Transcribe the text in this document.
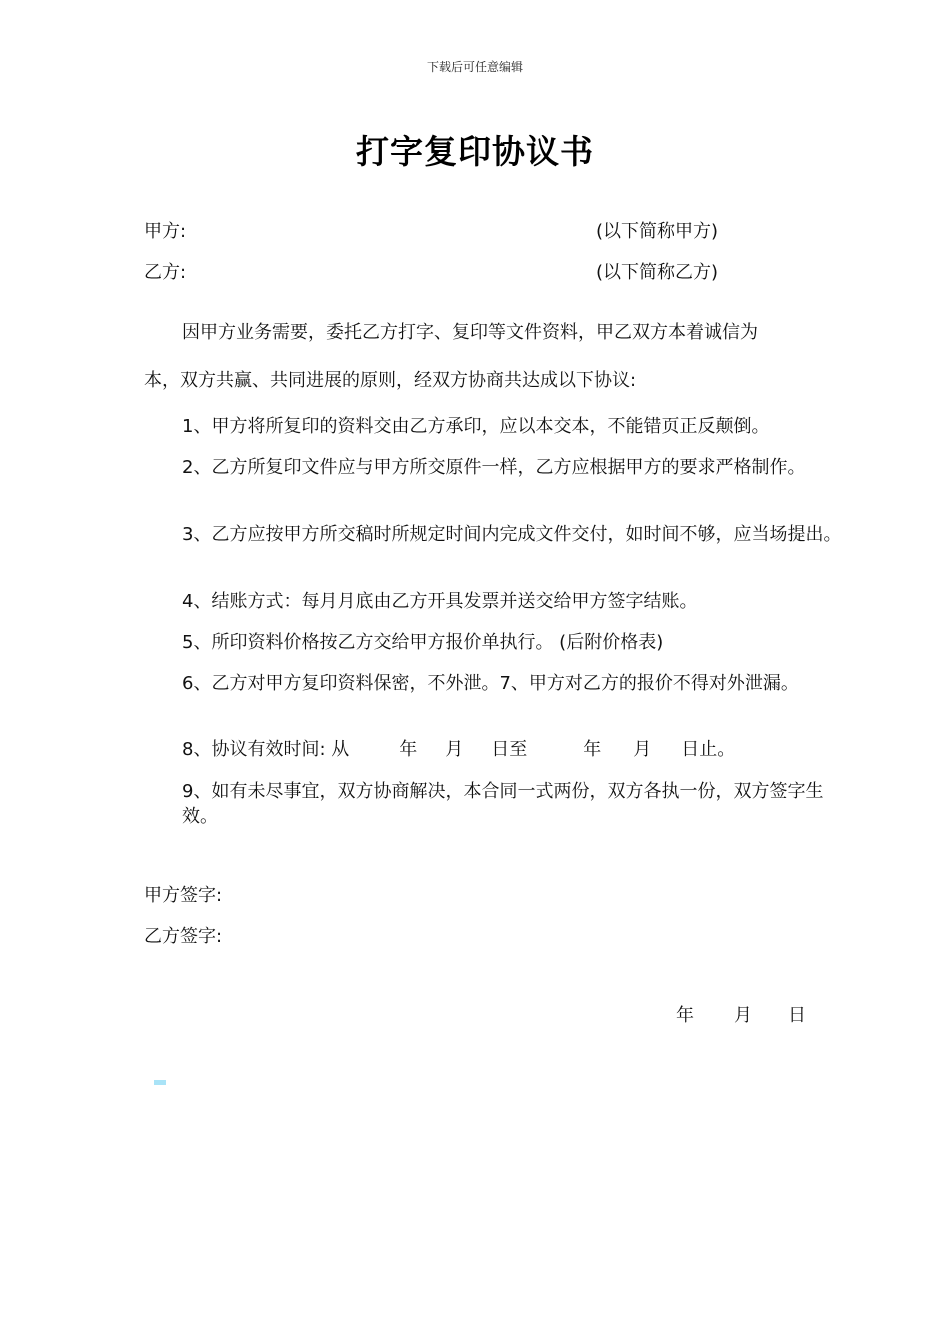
下载后可任意编辑
打字复印协议书
甲方:	(以下简称甲方)
乙方:	(以下简称乙方)
因甲方业务需要，委托乙方打字、复印等文件资料，甲乙双方本着诚信为
本，双方共赢、共同进展的原则，经双方协商共达成以下协议:
1、甲方将所复印的资料交由乙方承印，应以本交本，不能错页正反颠倒。
2、乙方所复印文件应与甲方所交原件一样，乙方应根据甲方的要求严格制作。
3、乙方应按甲方所交稿时所规定时间内完成文件交付，如时间不够，应当场提出。
4、结账方式：每月月底由乙方开具发票并送交给甲方签字结账。
5、所印资料价格按乙方交给甲方报价单执行。 (后附价格表)
6、乙方对甲方复印资料保密，不外泄。7、甲方对乙方的报价不得对外泄漏。
8、协议有效时间: 从	年 月 日至	年 月 日止。
9、如有未尽事宜，双方协商解决，本合同一式两份，双方各执一份，双方签字生效。
甲方签字:
乙方签字:
年 月 日
